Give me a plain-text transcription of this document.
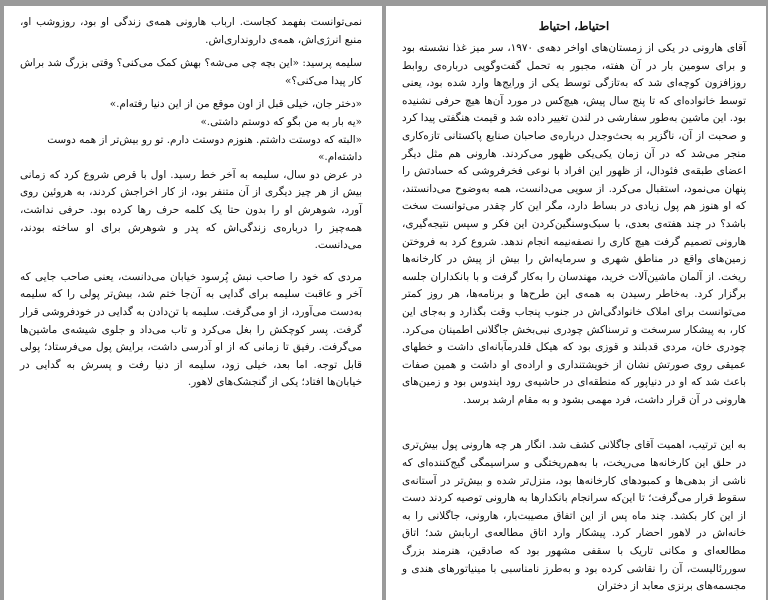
نمی‌توانست بفهمد کجاست. ارباب هارونی همه‌ی زندگی او بود، روزوشب او، منبع انرژی‌اش، همه‌ی دارونداری‌اش.

سلیمه پرسید: «این بچه چی می‌شه؟ بهش کمک می‌کنی؟ وقتی بزرگ شد براش کار پیدا می‌کنی؟»

«دختر جان، خیلی قبل از اون موقع من از این دنیا رفته‌ام.»

«یه بار به من بگو که دوستم داشتی.»

«البته که دوستت داشتم. هنوزم دوستت دارم. تو رو بیش‌تر از همه دوست داشته‌ام.»

در عرض دو سال، سلیمه به آخر خط رسید. اول با قرص شروع کرد که زمانی بیش از هر چیز دیگری از آن متنفر بود، از کار اخراجش کردند، به هروئین روی آورد، شوهرش او را بدون حتا یک کلمه حرف رها کرده بود. حرفی نداشت، همه‌چیز را درباره‌ی زندگی‌اش که پدر و شوهرش برای او ساخته بودند، می‌دانست.

مردی که خود را صاحب نبش پُرسود خیابان می‌دانست، یعنی صاحب جایی که آخر و عاقبت سلیمه برای گدایی به آن‌جا ختم شد، بیش‌تر پولی را که سلیمه به‌دست می‌آورد، از او می‌گرفت. سلیمه با تن‌دادن به گدایی در خودفروشی قرار گرفت. پسر کوچکش را بغل می‌کرد و تاب می‌داد و جلوی شیشه‌ی ماشین‌ها می‌گرفت. رفیق تا زمانی که از او آدرسی داشت، برایش پول می‌فرستاد؛ پولی قابل توجه. اما بعد، خیلی زود، سلیمه از دنیا رفت و پسرش به گدایی در خیابان‌ها افتاد؛ یکی از گنجشک‌های لاهور.

احتیاط، احتیاط

آقای هارونی در یکی از زمستان‌های اواخر دهه‌ی ۱۹۷۰، سر میز غذا نشسته بود و برای سومین بار در آن هفته، مجبور به تحمل گفت‌وگویی درباره‌ی روابط روزافزون کوچه‌ای شد که به‌تازگی توسط یکی از ورایج‌ها وارد شده بود، یعنی توسط خانواده‌ای که تا پنج سال پیش، هیچ‌کس در مورد آن‌ها هیچ حرفی نشنیده بود. این ماشین به‌طور سفارشی در لندن تغییر داده شد و قیمت هنگفتی پیدا کرد و صحبت از آن، ناگزیر به بحث‌وجدل درباره‌ی صاحبان صنایع پاکستانی تازه‌کاری منجر می‌شد که در آن زمان یکی‌یکی ظهور می‌کردند. هارونی هم مثل دیگر اعضای طبقه‌ی فئودال، از ظهور این افراد با نوعی فخرفروشی که حسادتش را پنهان می‌نمود، استقبال می‌کرد. از سویی می‌دانست، همه به‌وضوح می‌دانستند، که او هنوز هم پول زیادی در بساط دارد، مگر این کار چقدر می‌توانست سخت باشد؟ در چند هفته‌ی بعدی، با سبک‌وسنگین‌کردن این فکر و سپس نتیجه‌گیری، هارونی تصمیم گرفت هیچ کاری را نصفه‌نیمه انجام ندهد. شروع کرد به فروختن زمین‌های واقع در مناطق شهری و سرمایه‌اش را بیش از پیش در کارخانه‌ها ریخت. از آلمان ماشین‌آلات خرید، مهندسان را به‌کار گرفت و با بانکداران جلسه برگزار کرد. به‌خاطر رسیدن به همه‌ی این طرح‌ها و برنامه‌ها، هر روز کمتر می‌توانست برای املاک خانوادگی‌اش در جنوب پنجاب وقت بگذارد و به‌جای این کار، به پیشکار سرسخت و ترسناکش چودری نبی‌بخش جاگلانی اطمینان می‌کرد. چودری خان، مردی قدبلند و قوزی بود که هیکل قلدرمآبانه‌ای داشت و خطهای عمیقی روی صورتش نشان از خویشتنداری و اراده‌ی او داشت و همین صفات باعث شد که او در دنیاپور که منطقه‌ای در حاشیه‌ی رود ایندوس بود و زمین‌های هارونی در آن قرار داشت، فرد مهمی بشود و به مقام ارشد برسد.

به این ترتیب، اهمیت آقای جاگلانی کشف شد. انگار هر چه هارونی پول بیش‌تری در حلق این کارخانه‌ها می‌ریخت، با به‌هم‌ریختگی و سراسیمگی گیج‌کننده‌ای که ناشی از بدهی‌ها و کمبودهای کارخانه‌ها بود، منزل‌تر شده و بیش‌تر در آستانه‌ی سقوط قرار می‌گرفت؛ تا این‌که سرانجام بانکدارها به هارونی توصیه کردند دست از این کار بکشد. چند ماه پس از این اتفاق مصیبت‌بار، هارونی، جاگلانی را به خانه‌اش در لاهور احضار کرد. پیشکار وارد اتاق مطالعه‌ی اربابش شد؛ اتاق مطالعه‌ای و مکانی تاریک با سقفی مشهور بود که صادقین، هنرمند بزرگ سوررئالیست، آن را نقاشی کرده بود و به‌طرز نامناسبی با مینیاتورهای هندی و مجسمه‌های برنزی معابد از دختران
